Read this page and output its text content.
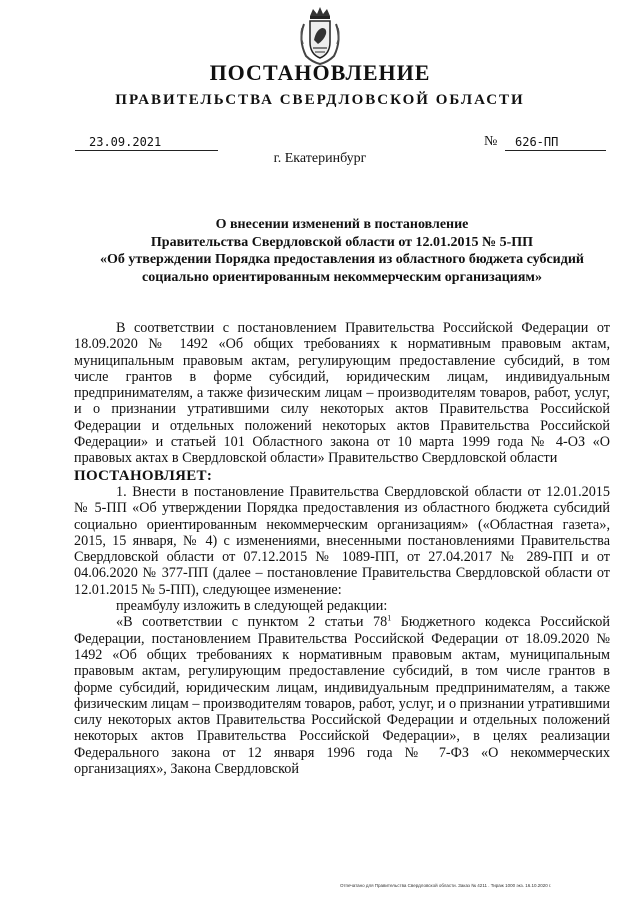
ПОСТАНОВЛЕНИЕ
ПРАВИТЕЛЬСТВА СВЕРДЛОВСКОЙ ОБЛАСТИ
23.09.2021	№	626-ПП
г. Екатеринбург
О внесении изменений в постановление
Правительства Свердловской области от 12.01.2015 № 5-ПП
«Об утверждении Порядка предоставления из областного бюджета субсидий
социально ориентированным некоммерческим организациям»

В соответствии с постановлением Правительства Российской Федерации от 18.09.2020 № 1492 «Об общих требованиях к нормативным правовым актам, муниципальным правовым актам, регулирующим предоставление субсидий, в том числе грантов в форме субсидий, юридическим лицам, индивидуальным предпринимателям, а также физическим лицам – производителям товаров, работ, услуг, и о признании утратившими силу некоторых актов Правительства Российской Федерации и отдельных положений некоторых актов Правительства Российской Федерации» и статьей 101 Областного закона от 10 марта 1999 года № 4-ОЗ «О правовых актах в Свердловской области» Правительство Свердловской области

ПОСТАНОВЛЯЕТ:

1. Внести в постановление Правительства Свердловской области от 12.01.2015 № 5-ПП «Об утверждении Порядка предоставления из областного бюджета субсидий социально ориентированным некоммерческим организациям» («Областная газета», 2015, 15 января, № 4) с изменениями, внесенными постановлениями Правительства Свердловской области от 07.12.2015 № 1089-ПП, от 27.04.2017 № 289-ПП и от 04.06.2020 № 377-ПП (далее – постановление Правительства Свердловской области от 12.01.2015 № 5-ПП), следующее изменение:

преамбулу изложить в следующей редакции:

«В соответствии с пунктом 2 статьи $78^1$ Бюджетного кодекса Российской Федерации, постановлением Правительства Российской Федерации от 18.09.2020 № 1492 «Об общих требованиях к нормативным правовым актам, муниципальным правовым актам, регулирующим предоставление субсидий, в том числе грантов в форме субсидий, юридическим лицам, индивидуальным предпринимателям, а также физическим лицам – производителям товаров, работ, услуг, и о признании утратившими силу некоторых актов Правительства Российской Федерации и отдельных положений некоторых актов Правительства Российской Федерации», в целях реализации Федерального закона от 12 января 1996 года № 7-ФЗ «О некоммерческих организациях», Закона Свердловской

Отпечатано для Правительства Свердловской области. Заказ № 4211 . Тираж 1000 экз. 16.10.2020 г.
